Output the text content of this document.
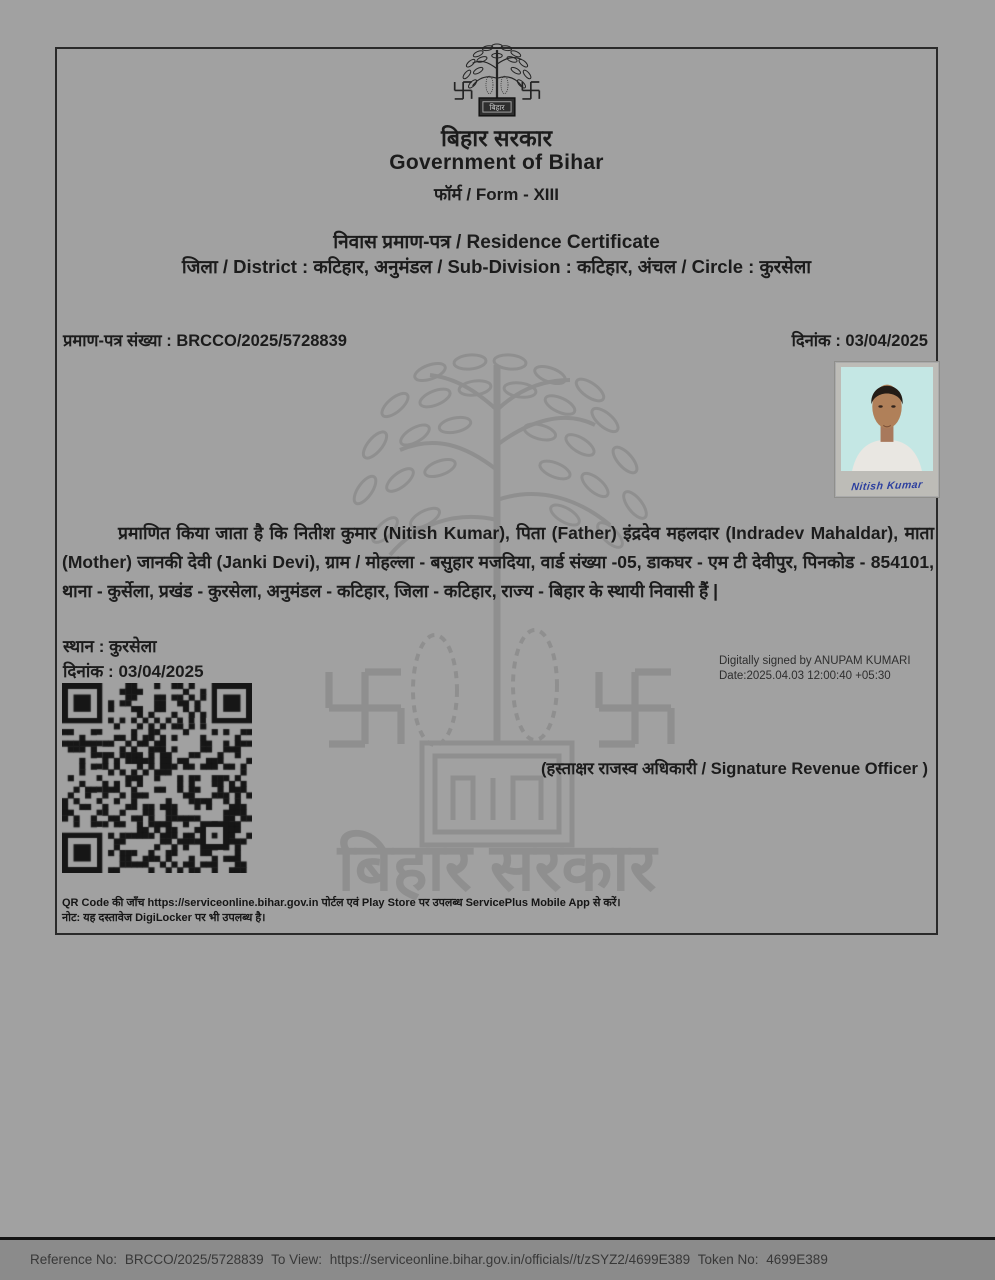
बिहार सरकार
बिहार
बिहार सरकार
Government of Bihar
फॉर्म / Form - XIII
निवास प्रमाण-पत्र / Residence Certificate
जिला / District : कटिहार, अनुमंडल / Sub-Division : कटिहार, अंचल / Circle : कुरसेला
प्रमाण-पत्र संख्या : BRCCO/2025/5728839	दिनांक : 03/04/2025
Nitish Kumar
प्रमाणित किया जाता है कि नितीश कुमार (Nitish Kumar), पिता (Father) इंद्रदेव महलदार (Indradev Mahaldar), माता (Mother) जानकी देवी (Janki Devi), ग्राम / मोहल्ला - बसुहार मजदिया, वार्ड संख्या -05, डाकघर - एम टी देवीपुर, पिनकोड - 854101, थाना - कुर्सेला, प्रखंड - कुरसेला, अनुमंडल - कटिहार, जिला - कटिहार, राज्य - बिहार के स्थायी निवासी हैं |
स्थान : कुरसेला
दिनांक : 03/04/2025
Digitally signed by ANUPAM KUMARI
Date:2025.04.03 12:00:40 +05:30
(हस्ताक्षर राजस्व अधिकारी / Signature Revenue Officer )
QR Code की जाँच https://serviceonline.bihar.gov.in पोर्टल एवं Play Store पर उपलब्ध ServicePlus Mobile App से करें।
नोट: यह दस्तावेज DigiLocker पर भी उपलब्ध है।
Reference No: BRCCO/2025/5728839 To View: https://serviceonline.bihar.gov.in/officials//t/zSYZ2/4699E389 Token No: 4699E389
